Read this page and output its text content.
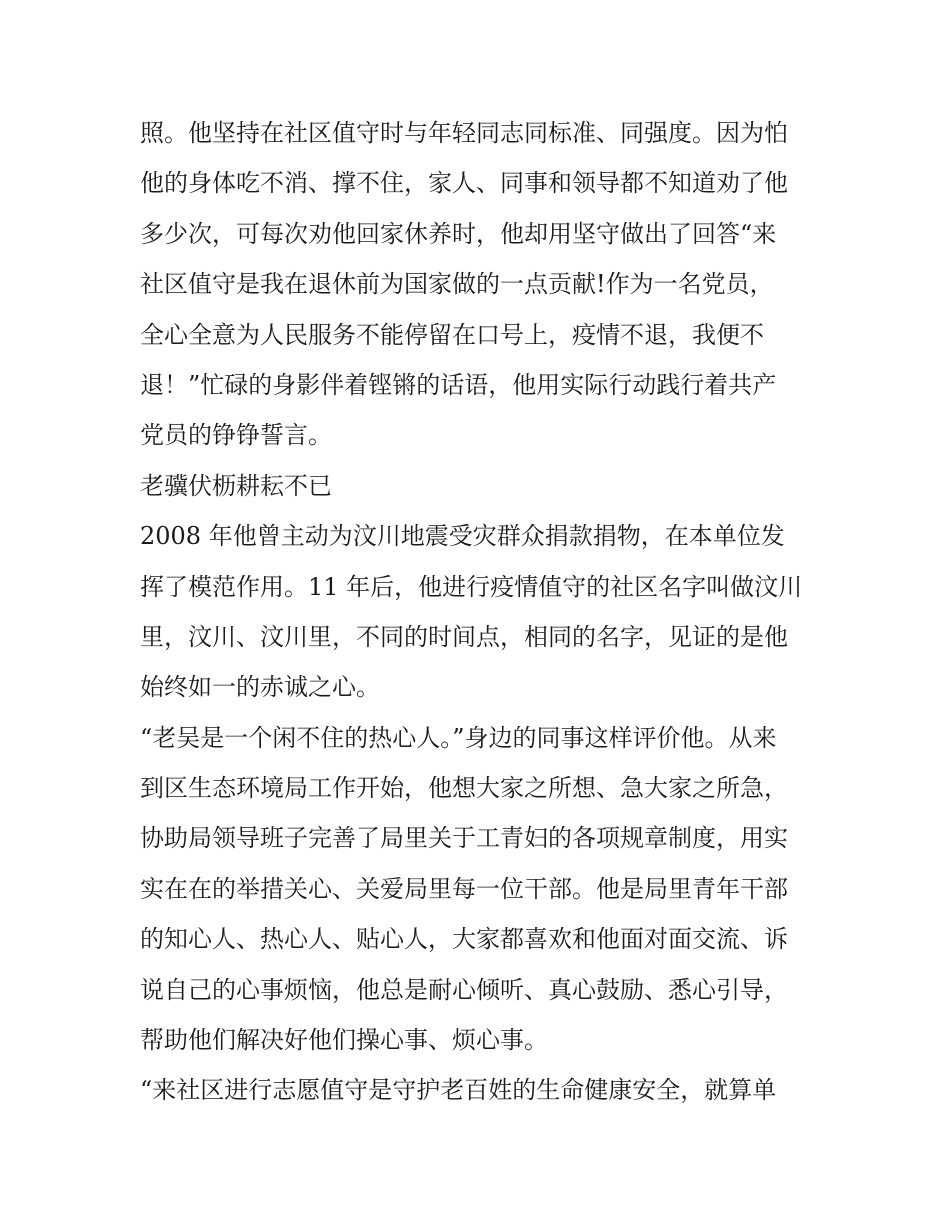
照。他坚持在社区值守时与年轻同志同标准、同强度。因为怕
他的身体吃不消、撑不住，家人、同事和领导都不知道劝了他
多少次，可每次劝他回家休养时，他却用坚守做出了回答“来
社区值守是我在退休前为国家做的一点贡献!作为一名党员，
全心全意为人民服务不能停留在口号上，疫情不退，我便不
退！”忙碌的身影伴着铿锵的话语，他用实际行动践行着共产
党员的铮铮誓言。
老骥伏枥耕耘不已
2008 年他曾主动为汶川地震受灾群众捐款捐物，在本单位发
挥了模范作用。11 年后，他进行疫情值守的社区名字叫做汶川
里，汶川、汶川里，不同的时间点，相同的名字，见证的是他
始终如一的赤诚之心。
“老吴是一个闲不住的热心人。”身边的同事这样评价他。从来
到区生态环境局工作开始，他想大家之所想、急大家之所急，
协助局领导班子完善了局里关于工青妇的各项规章制度，用实
实在在的举措关心、关爱局里每一位干部。他是局里青年干部
的知心人、热心人、贴心人，大家都喜欢和他面对面交流、诉
说自己的心事烦恼，他总是耐心倾听、真心鼓励、悉心引导，
帮助他们解决好他们操心事、烦心事。
“来社区进行志愿值守是守护老百姓的生命健康安全，就算单
